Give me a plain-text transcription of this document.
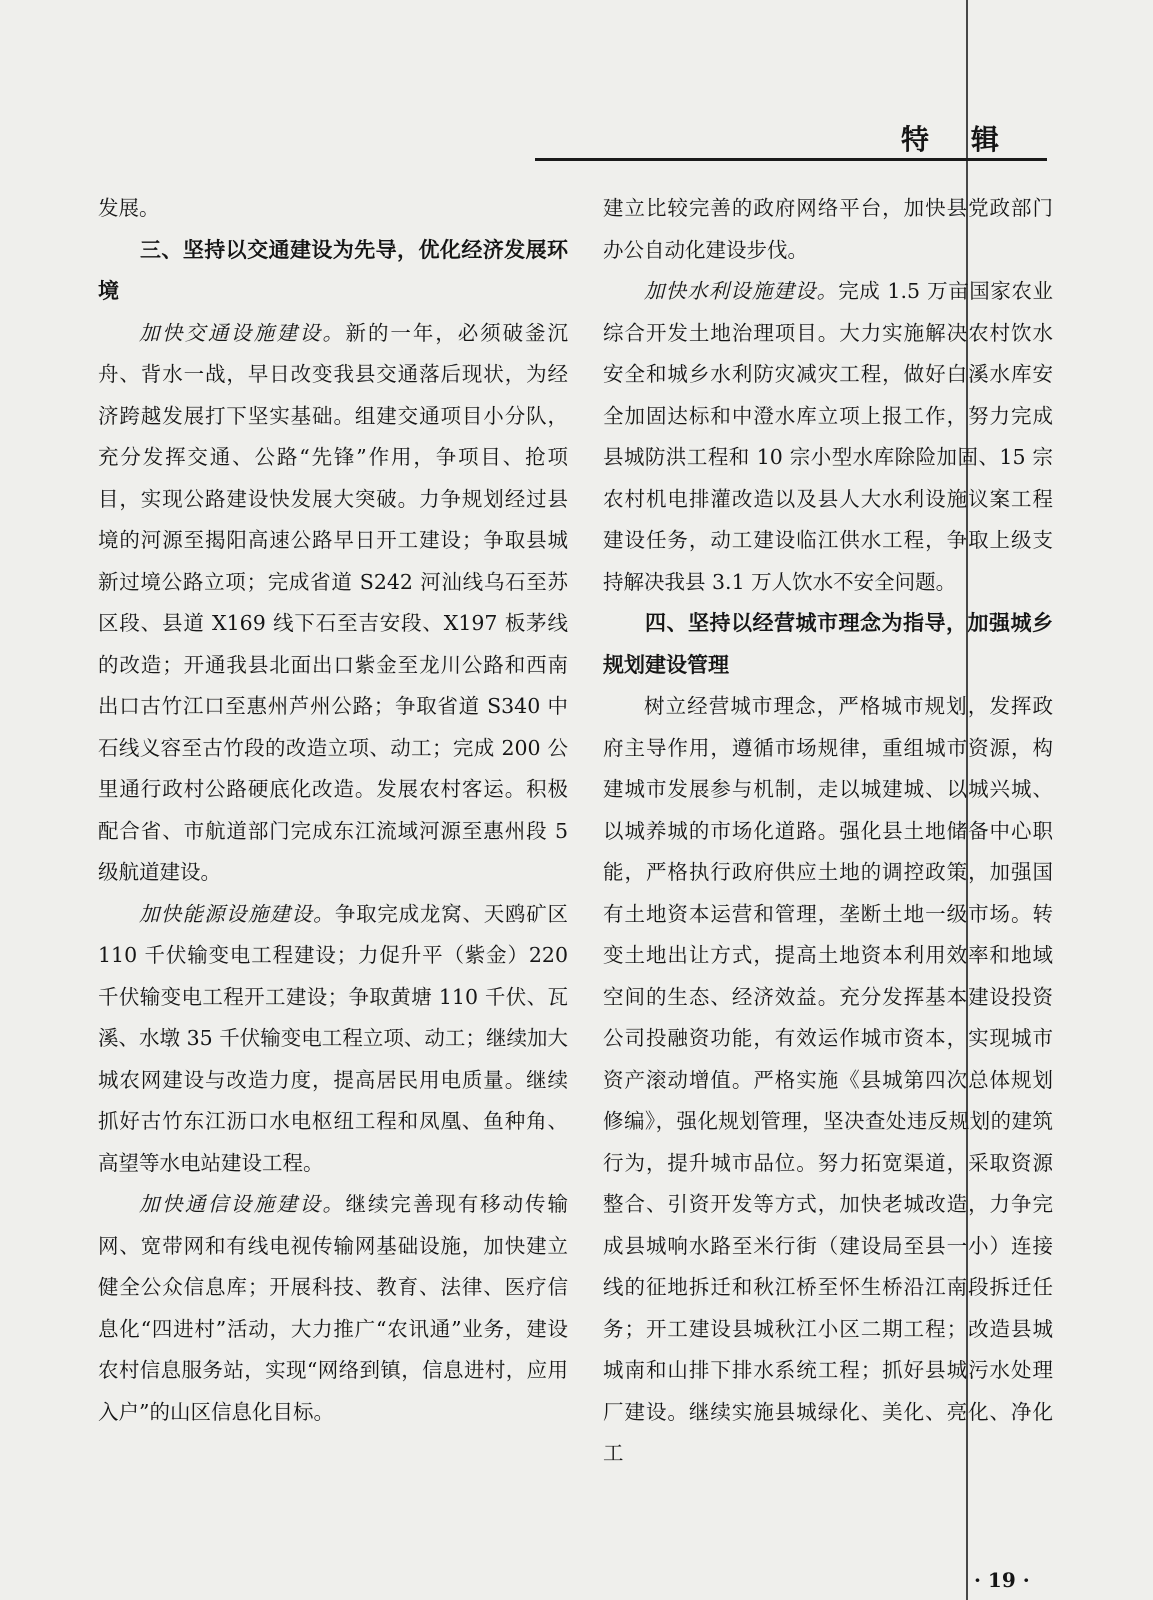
特辑

发展。

三、坚持以交通建设为先导，优化经济发展环境

加快交通设施建设。新的一年，必须破釜沉舟、背水一战，早日改变我县交通落后现状，为经济跨越发展打下坚实基础。组建交通项目小分队，充分发挥交通、公路“先锋”作用，争项目、抢项目，实现公路建设快发展大突破。力争规划经过县境的河源至揭阳高速公路早日开工建设；争取县城新过境公路立项；完成省道 S242 河汕线乌石至苏区段、县道 X169 线下石至吉安段、X197 板茅线的改造；开通我县北面出口紫金至龙川公路和西南出口古竹江口至惠州芦州公路；争取省道 S340 中石线义容至古竹段的改造立项、动工；完成 200 公里通行政村公路硬底化改造。发展农村客运。积极配合省、市航道部门完成东江流域河源至惠州段 5 级航道建设。

加快能源设施建设。争取完成龙窝、天鸥矿区 110 千伏输变电工程建设；力促升平（紫金）220 千伏输变电工程开工建设；争取黄塘 110 千伏、瓦溪、水墩 35 千伏输变电工程立项、动工；继续加大城农网建设与改造力度，提高居民用电质量。继续抓好古竹东江沥口水电枢纽工程和凤凰、鱼种角、高望等水电站建设工程。

加快通信设施建设。继续完善现有移动传输网、宽带网和有线电视传输网基础设施，加快建立健全公众信息库；开展科技、教育、法律、医疗信息化“四进村”活动，大力推广“农讯通”业务，建设农村信息服务站，实现“网络到镇，信息进村，应用入户”的山区信息化目标。

建立比较完善的政府网络平台，加快县党政部门办公自动化建设步伐。

加快水利设施建设。完成 1.5 万亩国家农业综合开发土地治理项目。大力实施解决农村饮水安全和城乡水利防灾减灾工程，做好白溪水库安全加固达标和中澄水库立项上报工作，努力完成县城防洪工程和 10 宗小型水库除险加固、15 宗农村机电排灌改造以及县人大水利设施议案工程建设任务，动工建设临江供水工程，争取上级支持解决我县 3.1 万人饮水不安全问题。

四、坚持以经营城市理念为指导，加强城乡规划建设管理

树立经营城市理念，严格城市规划，发挥政府主导作用，遵循市场规律，重组城市资源，构建城市发展参与机制，走以城建城、以城兴城、以城养城的市场化道路。强化县土地储备中心职能，严格执行政府供应土地的调控政策，加强国有土地资本运营和管理，垄断土地一级市场。转变土地出让方式，提高土地资本利用效率和地域空间的生态、经济效益。充分发挥基本建设投资公司投融资功能，有效运作城市资本，实现城市资产滚动增值。严格实施《县城第四次总体规划修编》，强化规划管理，坚决查处违反规划的建筑行为，提升城市品位。努力拓宽渠道，采取资源整合、引资开发等方式，加快老城改造，力争完成县城响水路至米行街（建设局至县一小）连接线的征地拆迁和秋江桥至怀生桥沿江南段拆迁任务；开工建设县城秋江小区二期工程；改造县城城南和山排下排水系统工程；抓好县城污水处理厂建设。继续实施县城绿化、美化、亮化、净化工

· 19 ·
